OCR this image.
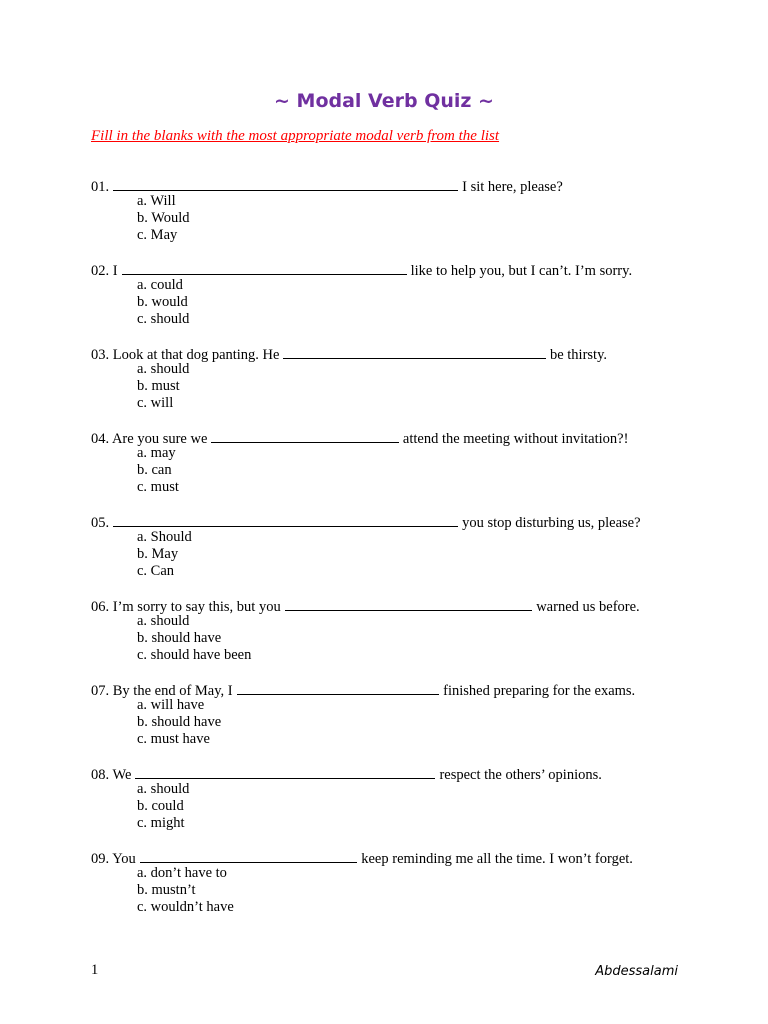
~ Modal Verb Quiz ~
Fill in the blanks with the most appropriate modal verb from the list
01.	I sit here, please?
a. Will
b. Would
c. May
02. I	like to help you, but I can’t. I’m sorry.
a. could
b. would
c. should
03. Look at that dog panting. He	be thirsty.
a. should
b. must
c. will
04. Are you sure we	attend the meeting without invitation?!
a. may
b. can
c. must
05.	you stop disturbing us, please?
a. Should
b. May
c. Can
06. I’m sorry to say this, but you	warned us before.
a. should
b. should have
c. should have been
07. By the end of May, I	finished preparing for the exams.
a. will have
b. should have
c. must have
08. We	respect the others’ opinions.
a. should
b. could
c. might
09. You	keep reminding me all the time. I won’t forget.
a. don’t have to
b. mustn’t
c. wouldn’t have
1	Abdessalami
